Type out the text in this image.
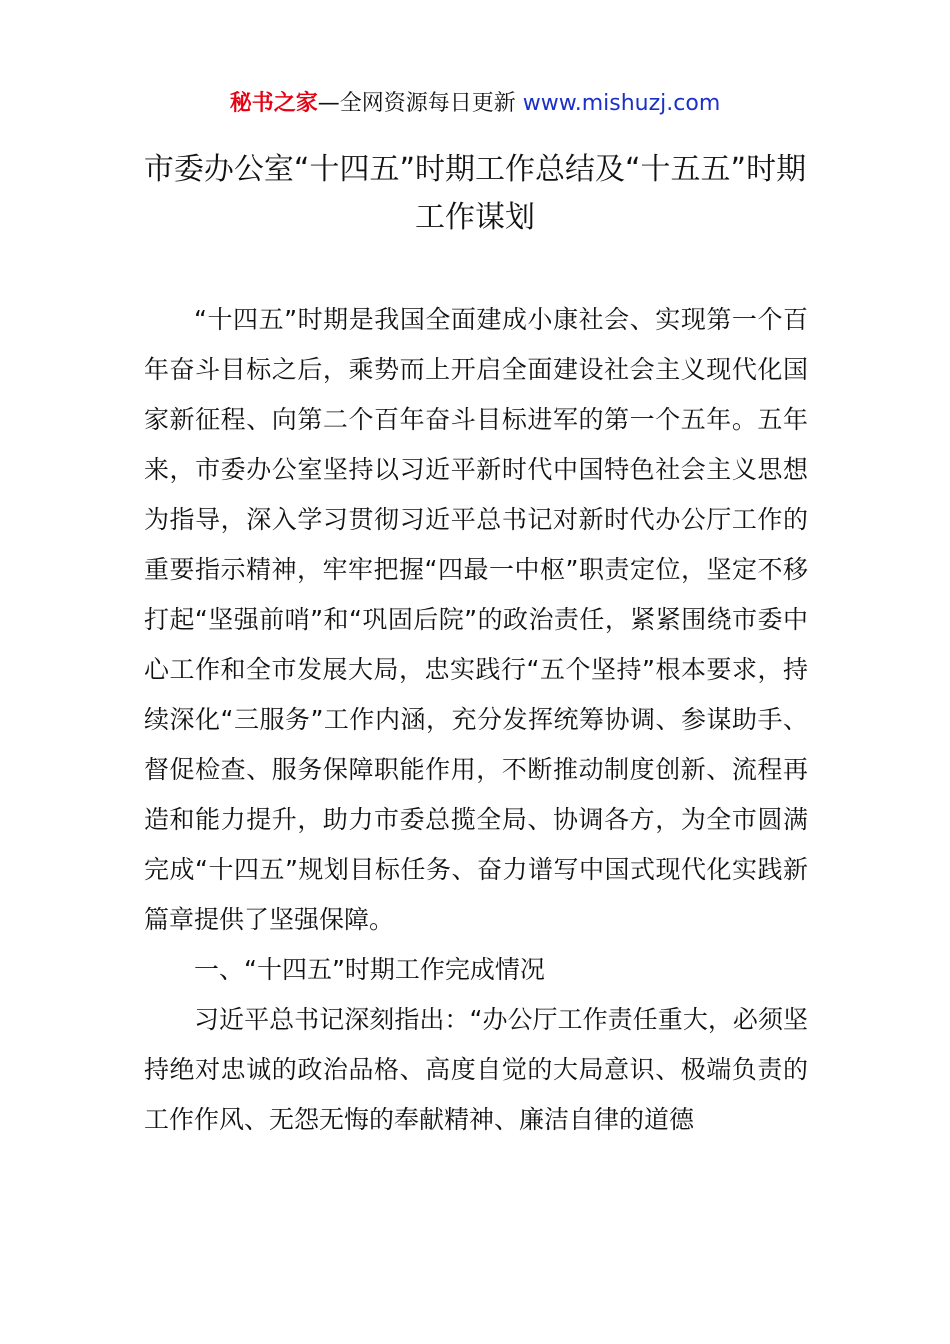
秘书之家—全网资源每日更新 www.mishuzj.com
市委办公室“十四五”时期工作总结及“十五五”时期工作谋划

“十四五”时期是我国全面建成小康社会、实现第一个百年奋斗目标之后，乘势而上开启全面建设社会主义现代化国家新征程、向第二个百年奋斗目标进军的第一个五年。五年来，市委办公室坚持以习近平新时代中国特色社会主义思想为指导，深入学习贯彻习近平总书记对新时代办公厅工作的重要指示精神，牢牢把握“四最一中枢”职责定位，坚定不移打起“坚强前哨”和“巩固后院”的政治责任，紧紧围绕市委中心工作和全市发展大局，忠实践行“五个坚持”根本要求，持续深化“三服务”工作内涵，充分发挥统筹协调、参谋助手、督促检查、服务保障职能作用，不断推动制度创新、流程再造和能力提升，助力市委总揽全局、协调各方，为全市圆满完成“十四五”规划目标任务、奋力谱写中国式现代化实践新篇章提供了坚强保障。

一、“十四五”时期工作完成情况

习近平总书记深刻指出：“办公厅工作责任重大，必须坚持绝对忠诚的政治品格、高度自觉的大局意识、极端负责的工作作风、无怨无悔的奉献精神、廉洁自律的道德
